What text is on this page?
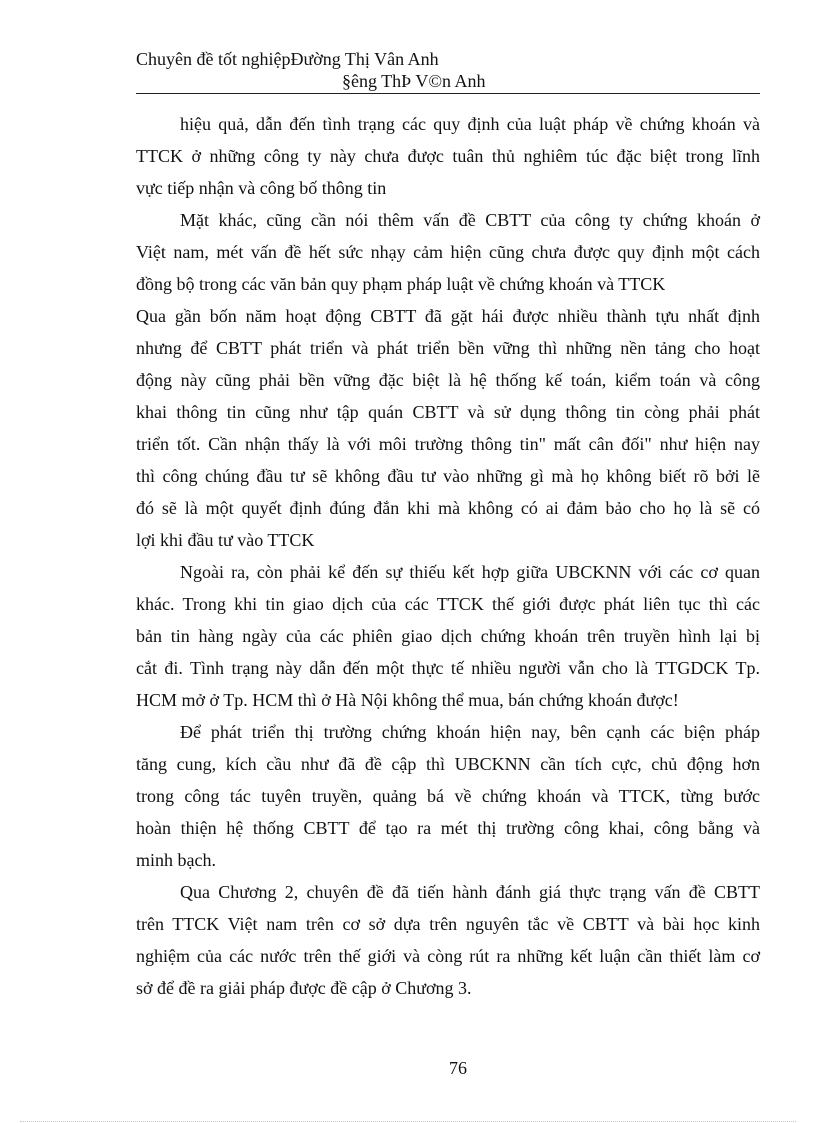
Chuyên đề tốt nghiệpĐường Thị Vân Anh
§êng ThÞ V©n Anh
hiệu quả, dẫn đến tình trạng các quy định của luật pháp về chứng khoán và
TTCK ở những công ty này chưa được tuân thủ nghiêm túc đặc biệt trong lĩnh
vực tiếp nhận và công bố thông tin
Mặt khác, cũng cần nói thêm vấn đề CBTT của công ty chứng khoán ở
Việt nam, mét vấn đề hết sức nhạy cảm hiện cũng chưa được quy định một cách
đồng bộ trong các văn bản quy phạm pháp luật về chứng khoán và TTCK
Qua gần bốn năm hoạt động CBTT đã gặt hái được nhiều thành tựu nhất định
nhưng để CBTT phát triển và phát triển bền vững thì những nền tảng cho hoạt
động này cũng phải bền vững đặc biệt là hệ thống kế toán, kiểm toán và công
khai thông tin cũng như tập quán CBTT và sử dụng thông tin còng phải phát
triển tốt. Cần nhận thấy là với môi trường thông tin" mất cân đối" như hiện nay
thì công chúng đầu tư sẽ không đầu tư vào những gì mà họ không biết rõ bởi lẽ
đó sẽ là một quyết định đúng đắn khi mà không có ai đảm bảo cho họ là sẽ có
lợi khi đầu tư vào TTCK
Ngoài ra, còn phải kể đến sự thiếu kết hợp giữa UBCKNN với các cơ quan
khác. Trong khi tin giao dịch của các TTCK thế giới được phát liên tục thì các
bản tin hàng ngày của các phiên giao dịch chứng khoán trên truyền hình lại bị
cắt đi. Tình trạng này dẫn đến một thực tế nhiều người vẫn cho là TTGDCK Tp.
HCM mở ở Tp. HCM thì ở Hà Nội không thể mua, bán chứng khoán được!
Để phát triển thị trường chứng khoán hiện nay, bên cạnh các biện pháp
tăng cung, kích cầu như đã đề cập thì UBCKNN cần tích cực, chủ động hơn
trong công tác tuyên truyền, quảng bá về chứng khoán và TTCK, từng bước
hoàn thiện hệ thống CBTT để tạo ra mét thị trường công khai, công bằng và
minh bạch.
Qua Chương 2, chuyên đề đã tiến hành đánh giá thực trạng vấn đề CBTT
trên TTCK Việt nam trên cơ sở dựa trên nguyên tắc về CBTT và bài học kinh
nghiệm của các nước trên thế giới và còng rút ra những kết luận cần thiết làm cơ
sở để đề ra giải pháp được đề cập ở Chương 3.
76
